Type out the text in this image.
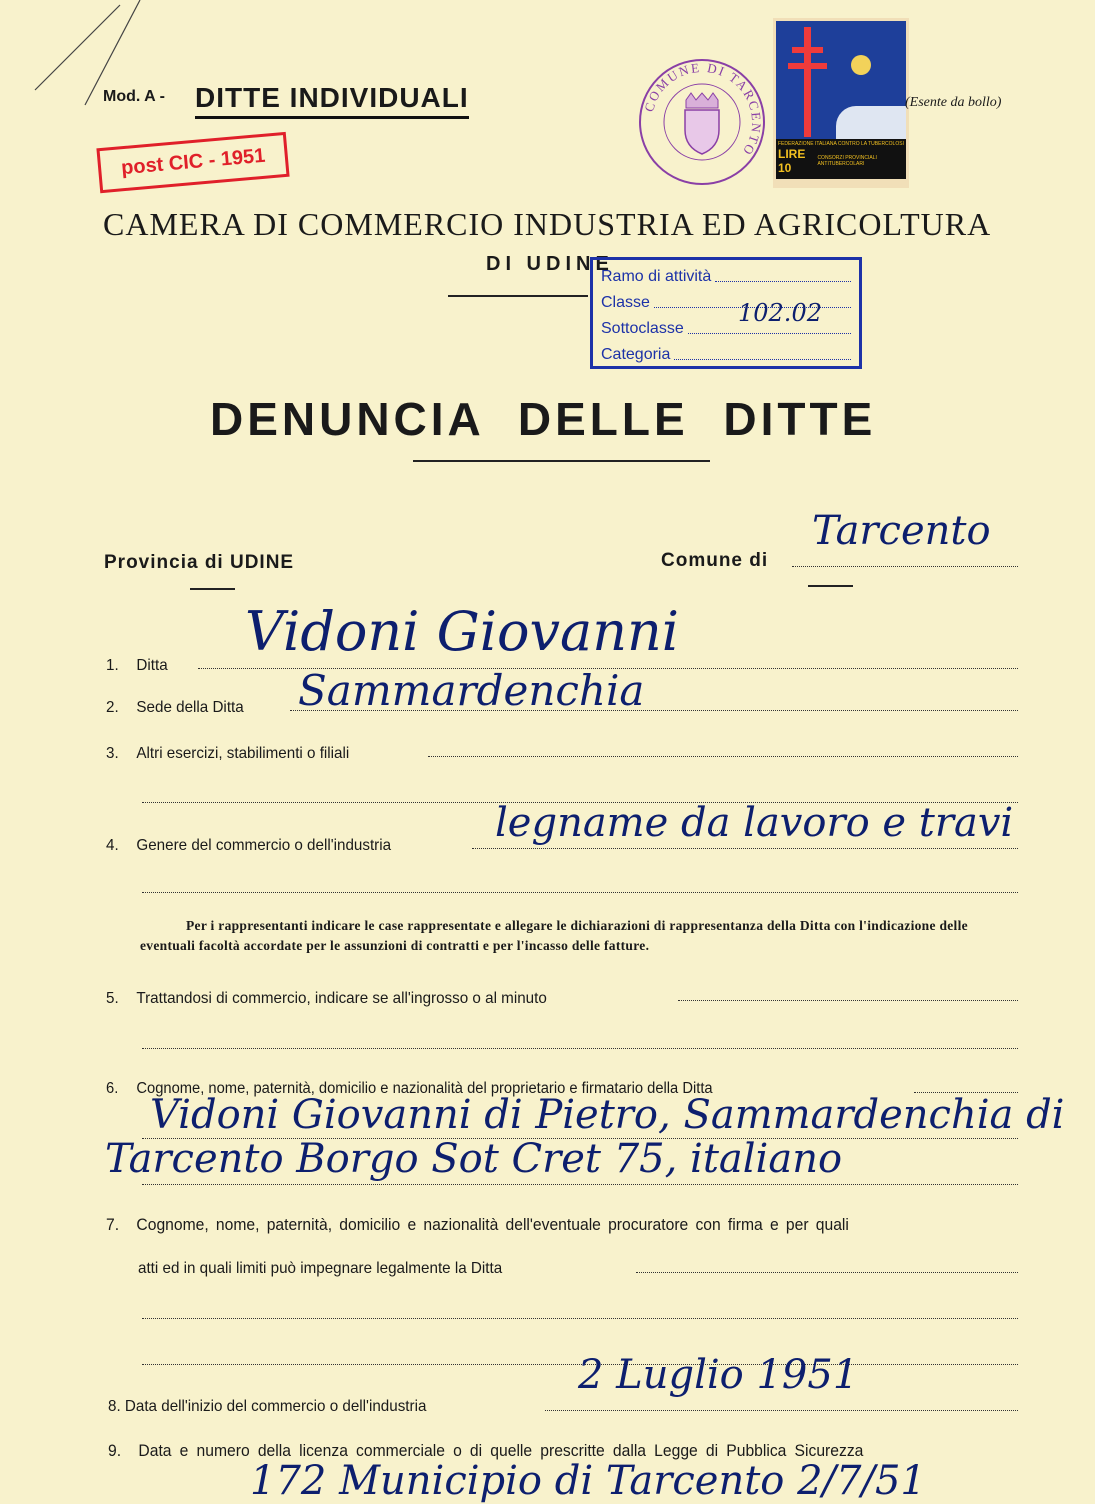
Mod. A - DITTE INDIVIDUALI
post CIC - 1951
FEDERAZIONE ITALIANA CONTRO LA TUBERCOLOSI
LIRE 10
CONSORZI PROVINCIALI ANTITUBERCOLARI
COMUNE DI TARCENTO
(Esente da bollo)
CAMERA DI COMMERCIO INDUSTRIA ED AGRICOLTURA
DI UDINE
Ramo di attività
Classe
Sottoclasse
Categoria
102.02
DENUNCIA DELLE DITTE
Provincia di UDINE	Comune di
Tarcento
1. Ditta
Vidoni Giovanni
2. Sede della Ditta Sammardenchia
3. Altri esercizi, stabilimenti o filiali
4. Genere del commercio o dell'industria	legname da lavoro e travi
Per i rappresentanti indicare le case rappresentate e allegare le dichiarazioni di rappresentanza della Ditta con l'indicazione delle eventuali facoltà accordate per le assunzioni di contratti e per l'incasso delle fatture.
5. Trattandosi di commercio, indicare se all'ingrosso o al minuto
6. Cognome, nome, paternità, domicilio e nazionalità del proprietario e firmatario della Ditta
Vidoni Giovanni di Pietro, Sammardenchia di
Tarcento Borgo Sot Cret 75, italiano
7. Cognome, nome, paternità, domicilio e nazionalità dell'eventuale procuratore con firma e per quali
atti ed in quali limiti può impegnare legalmente la Ditta
8. Data dell'inizio del commercio o dell'industria
2 Luglio 1951
9. Data e numero della licenza commerciale o di quelle prescritte dalla Legge di Pubblica Sicurezza
172 Municipio di Tarcento 2/7/51
